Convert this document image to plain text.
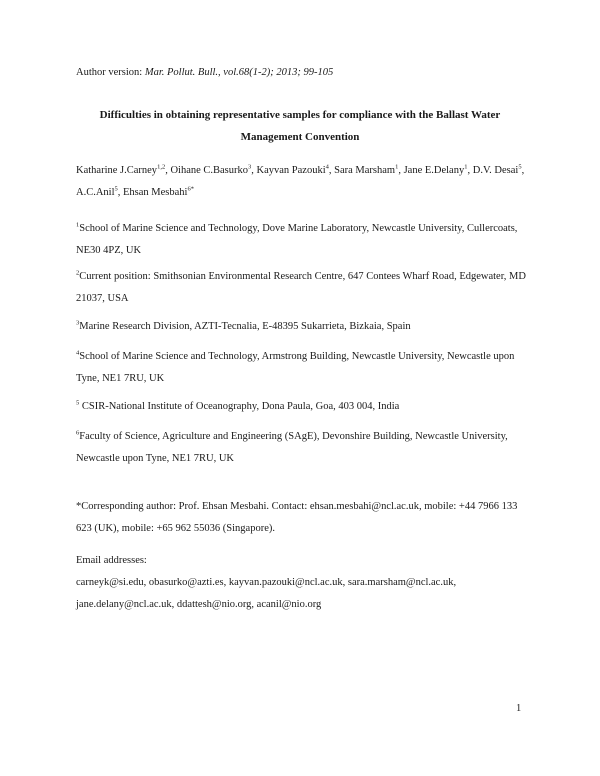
Author version: Mar. Pollut. Bull., vol.68(1-2); 2013; 99-105
Difficulties in obtaining representative samples for compliance with the Ballast Water
Management Convention
Katharine J.Carney$^{1,2}$, Oihane C.Basurko$^3$, Kayvan Pazouki$^4$, Sara Marsham$^1$, Jane E.Delany$^1$, D.V. Desai$^5$, A.C.Anil$^5$, Ehsan Mesbahi$^{6*}$
$^1$School of Marine Science and Technology, Dove Marine Laboratory, Newcastle University, Cullercoats, NE30 4PZ, UK
$^2$Current position: Smithsonian Environmental Research Centre, 647 Contees Wharf Road, Edgewater, MD 21037, USA
$^3$Marine Research Division, AZTI-Tecnalia, E-48395 Sukarrieta, Bizkaia, Spain
$^4$School of Marine Science and Technology, Armstrong Building, Newcastle University, Newcastle upon Tyne, NE1 7RU, UK
$^5$ CSIR-National Institute of Oceanography, Dona Paula, Goa, 403 004, India
$^6$Faculty of Science, Agriculture and Engineering (SAgE), Devonshire Building, Newcastle University, Newcastle upon Tyne, NE1 7RU, UK
*Corresponding author: Prof. Ehsan Mesbahi. Contact: ehsan.mesbahi@ncl.ac.uk, mobile: +44 7966 133 623 (UK), mobile: +65 962 55036 (Singapore).
Email addresses:
carneyk@si.edu, obasurko@azti.es, kayvan.pazouki@ncl.ac.uk, sara.marsham@ncl.ac.uk, jane.delany@ncl.ac.uk, ddattesh@nio.org, acanil@nio.org
1
